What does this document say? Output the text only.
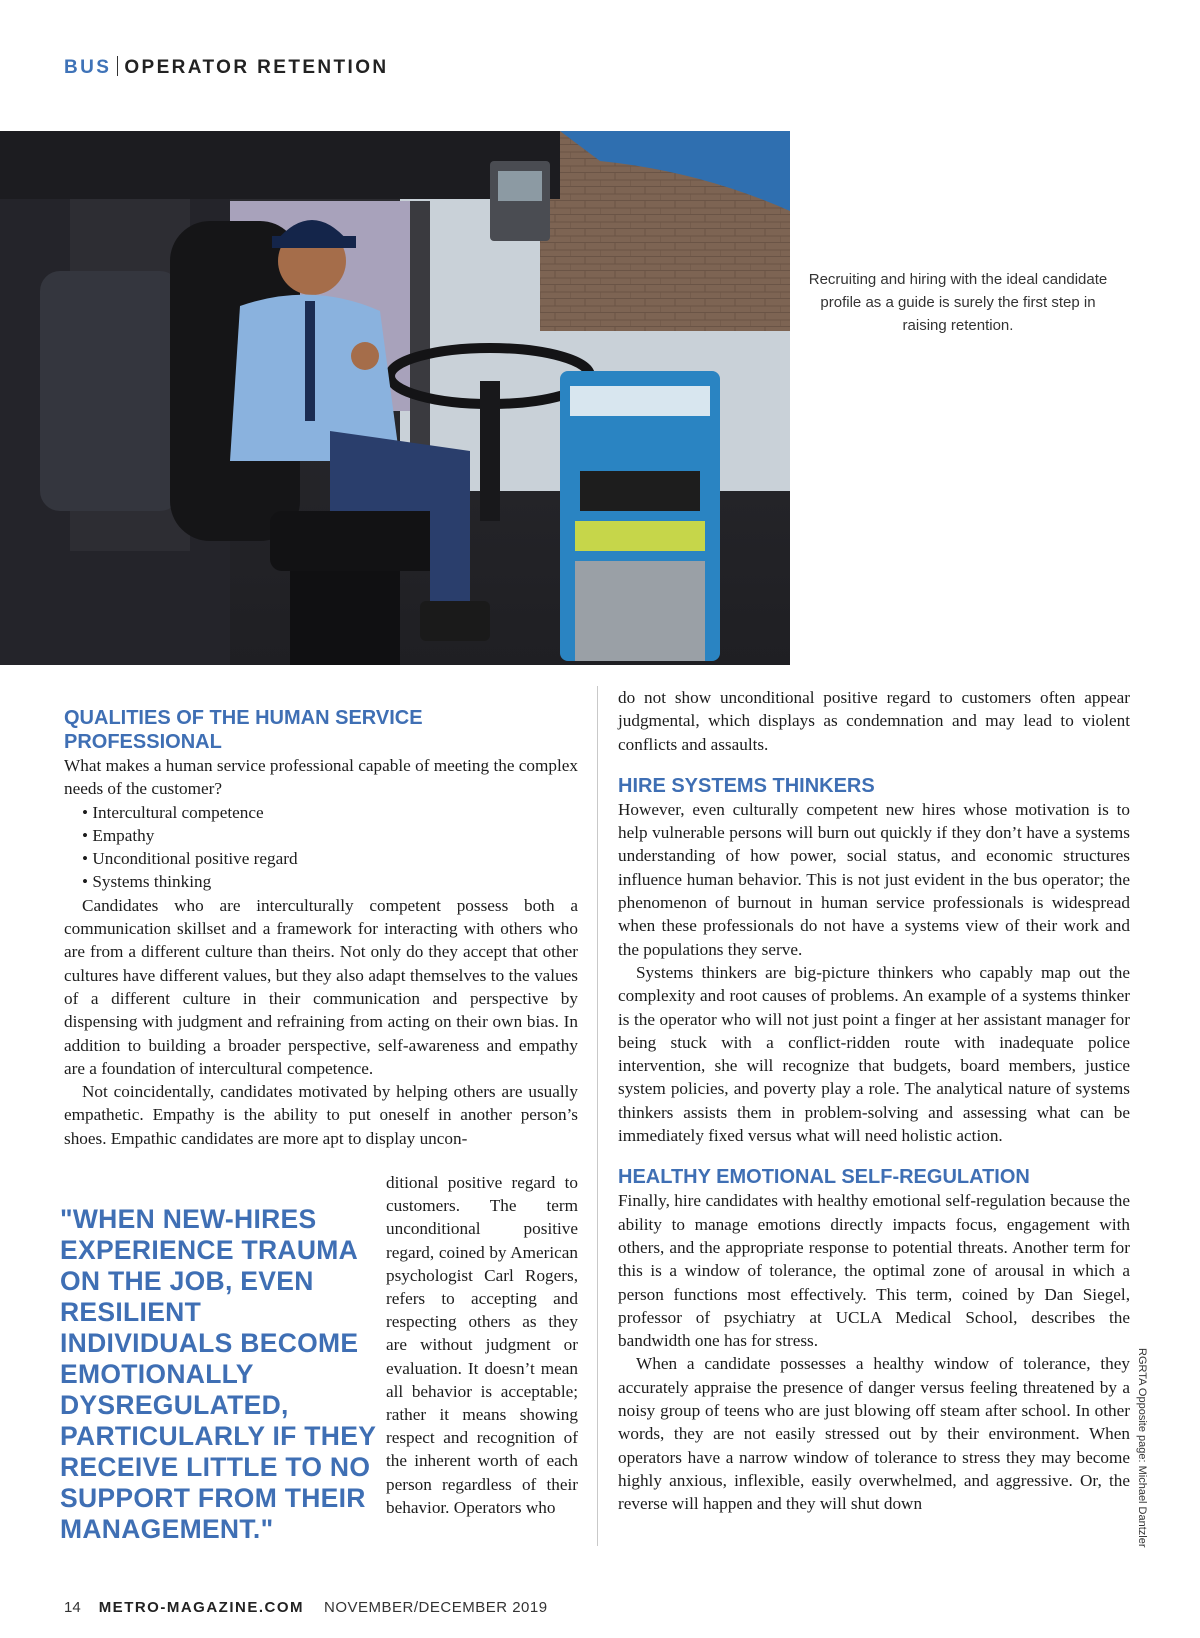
BUS OPERATOR RETENTION
Recruiting and hiring with the ideal candidate profile as a guide is surely the first step in raising retention.
QUALITIES OF THE HUMAN SERVICE PROFESSIONAL

What makes a human service professional capable of meeting the complex needs of the customer?

• Intercultural competence
• Empathy
• Unconditional positive regard
• Systems thinking

Candidates who are interculturally competent possess both a communication skillset and a framework for interacting with others who are from a different culture than theirs. Not only do they accept that other cultures have different values, but they also adapt themselves to the values of a different culture in their communication and perspective by dispensing with judgment and refraining from acting on their own bias. In addition to building a broader perspective, self-awareness and empathy are a foundation of intercultural competence.

Not coincidentally, candidates motivated by helping others are usually empathetic. Empathy is the ability to put oneself in another person’s shoes. Empathic candidates are more apt to display uncon-

ditional positive regard to customers. The term unconditional positive regard, coined by American psychologist Carl Rogers, refers to accepting and respecting others as they are without judgment or evaluation. It doesn’t mean all behavior is acceptable; rather it means showing respect and recognition of the inherent worth of each person regardless of their behavior. Operators who
"WHEN NEW-HIRES EXPERIENCE TRAUMA ON THE JOB, EVEN RESILIENT INDIVIDUALS BECOME EMOTIONALLY DYSREGULATED, PARTICULARLY IF THEY RECEIVE LITTLE TO NO SUPPORT FROM THEIR MANAGEMENT."

do not show unconditional positive regard to customers often appear judgmental, which displays as condemnation and may lead to violent conflicts and assaults.

HIRE SYSTEMS THINKERS

However, even culturally competent new hires whose motivation is to help vulnerable persons will burn out quickly if they don’t have a systems understanding of how power, social status, and economic structures influence human behavior. This is not just evident in the bus operator; the phenomenon of burnout in human service professionals is widespread when these professionals do not have a systems view of their work and the populations they serve.

Systems thinkers are big-picture thinkers who capably map out the complexity and root causes of problems. An example of a systems thinker is the operator who will not just point a finger at her assistant manager for being stuck with a conflict-ridden route with inadequate police intervention, she will recognize that budgets, board members, justice system policies, and poverty play a role. The analytical nature of systems thinkers assists them in problem-solving and assessing what can be immediately fixed versus what will need holistic action.

HEALTHY EMOTIONAL SELF-REGULATION

Finally, hire candidates with healthy emotional self-regulation because the ability to manage emotions directly impacts focus, engagement with others, and the appropriate response to potential threats. Another term for this is a window of tolerance, the optimal zone of arousal in which a person functions most effectively. This term, coined by Dan Siegel, professor of psychiatry at UCLA Medical School, describes the bandwidth one has for stress.

When a candidate possesses a healthy window of tolerance, they accurately appraise the presence of danger versus feeling threatened by a noisy group of teens who are just blowing off steam after school. In other words, they are not easily stressed out by their environment. When operators have a narrow window of tolerance to stress they may become highly anxious, inflexible, easily overwhelmed, and aggressive. Or, the reverse will happen and they will shut down	RGRTA Opposite page: Michael Dantzler
14 METRO-MAGAZINE.COM NOVEMBER/DECEMBER 2019
